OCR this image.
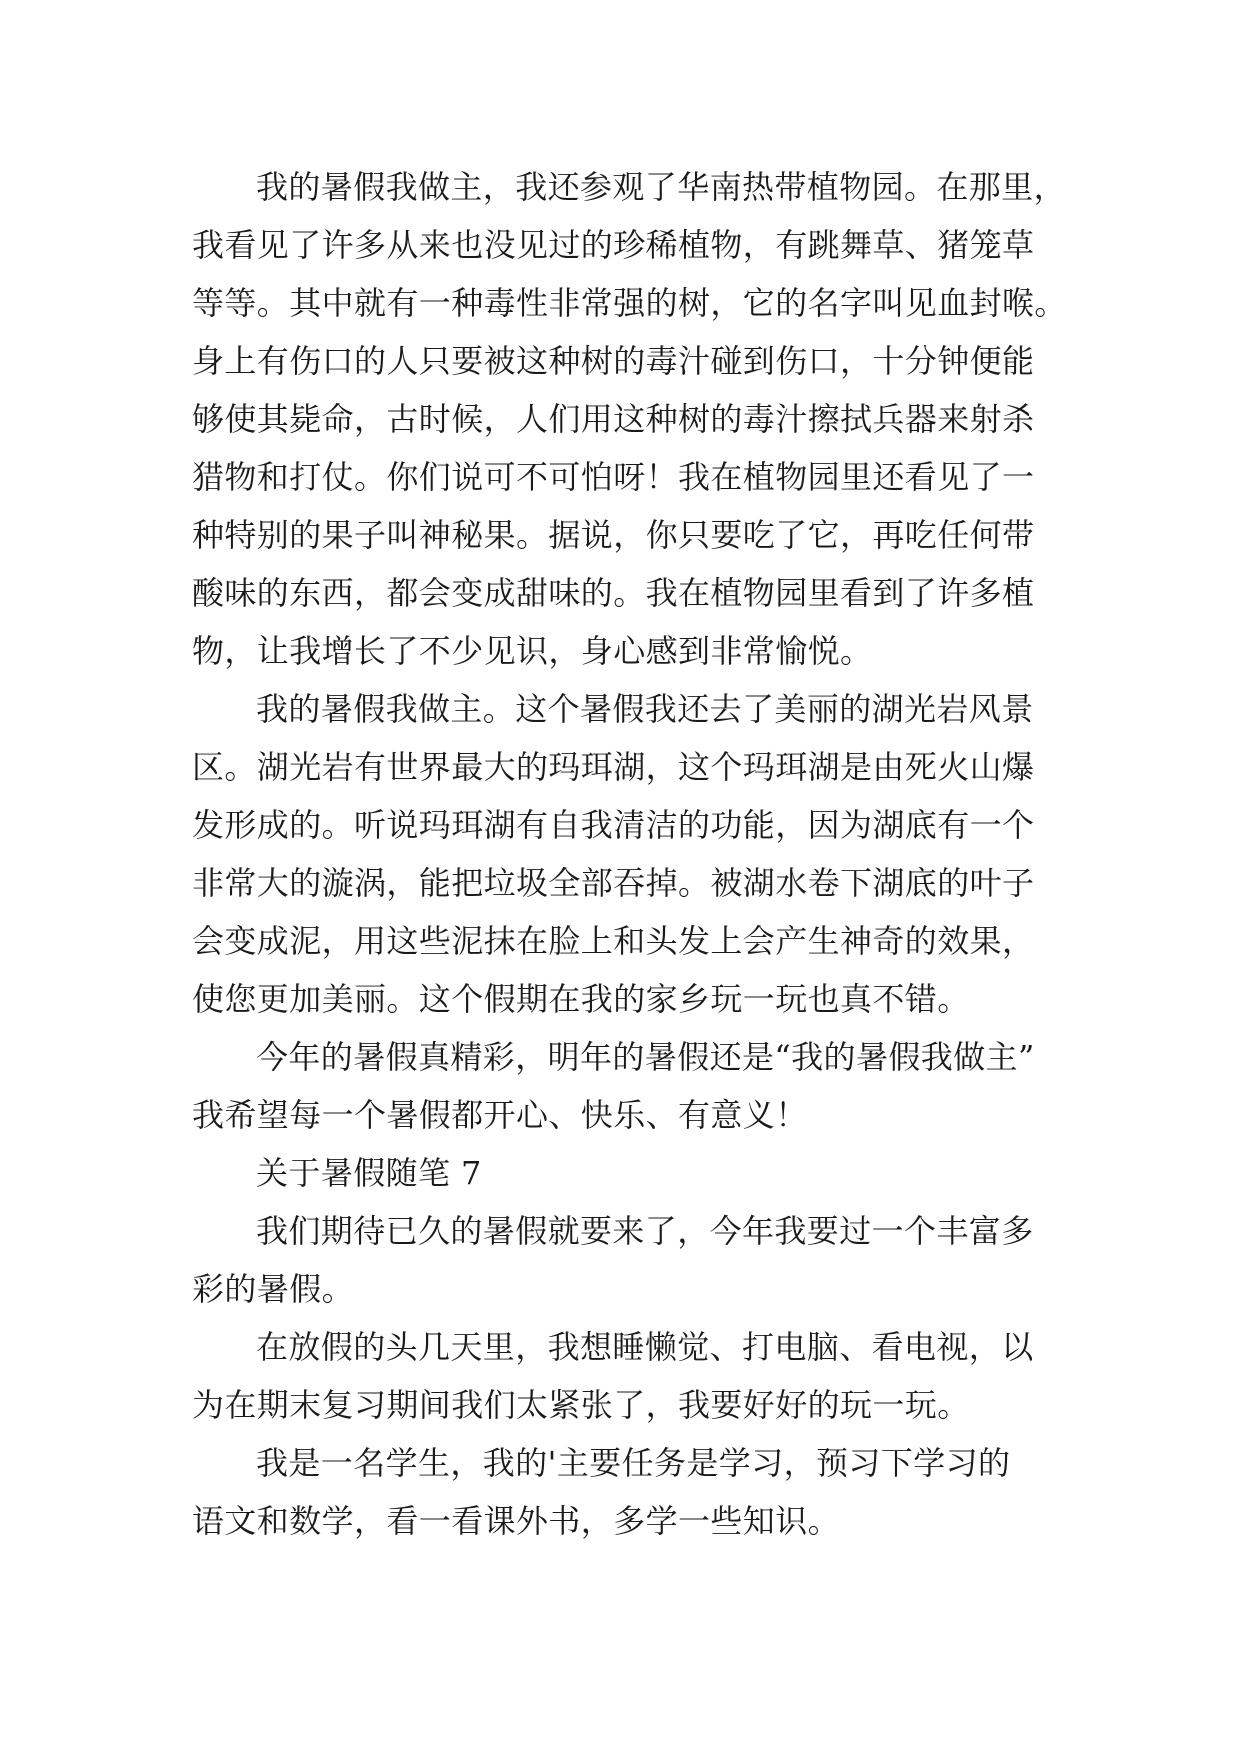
我的暑假我做主，我还参观了华南热带植物园。在那里，
我看见了许多从来也没见过的珍稀植物，有跳舞草、猪笼草
等等。其中就有一种毒性非常强的树，它的名字叫见血封喉。
身上有伤口的人只要被这种树的毒汁碰到伤口，十分钟便能
够使其毙命，古时候，人们用这种树的毒汁擦拭兵器来射杀
猎物和打仗。你们说可不可怕呀！我在植物园里还看见了一
种特别的果子叫神秘果。据说，你只要吃了它，再吃任何带
酸味的东西，都会变成甜味的。我在植物园里看到了许多植
物，让我增长了不少见识，身心感到非常愉悦。
我的暑假我做主。这个暑假我还去了美丽的湖光岩风景
区。湖光岩有世界最大的玛珥湖，这个玛珥湖是由死火山爆
发形成的。听说玛珥湖有自我清洁的功能，因为湖底有一个
非常大的漩涡，能把垃圾全部吞掉。被湖水卷下湖底的叶子
会变成泥，用这些泥抹在脸上和头发上会产生神奇的效果，
使您更加美丽。这个假期在我的家乡玩一玩也真不错。
今年的暑假真精彩，明年的暑假还是“我的暑假我做主”
我希望每一个暑假都开心、快乐、有意义！
关于暑假随笔 7
我们期待已久的暑假就要来了，今年我要过一个丰富多
彩的暑假。
在放假的头几天里，我想睡懒觉、打电脑、看电视，以
为在期末复习期间我们太紧张了，我要好好的玩一玩。
我是一名学生，我的'主要任务是学习，预习下学习的
语文和数学，看一看课外书，多学一些知识。
